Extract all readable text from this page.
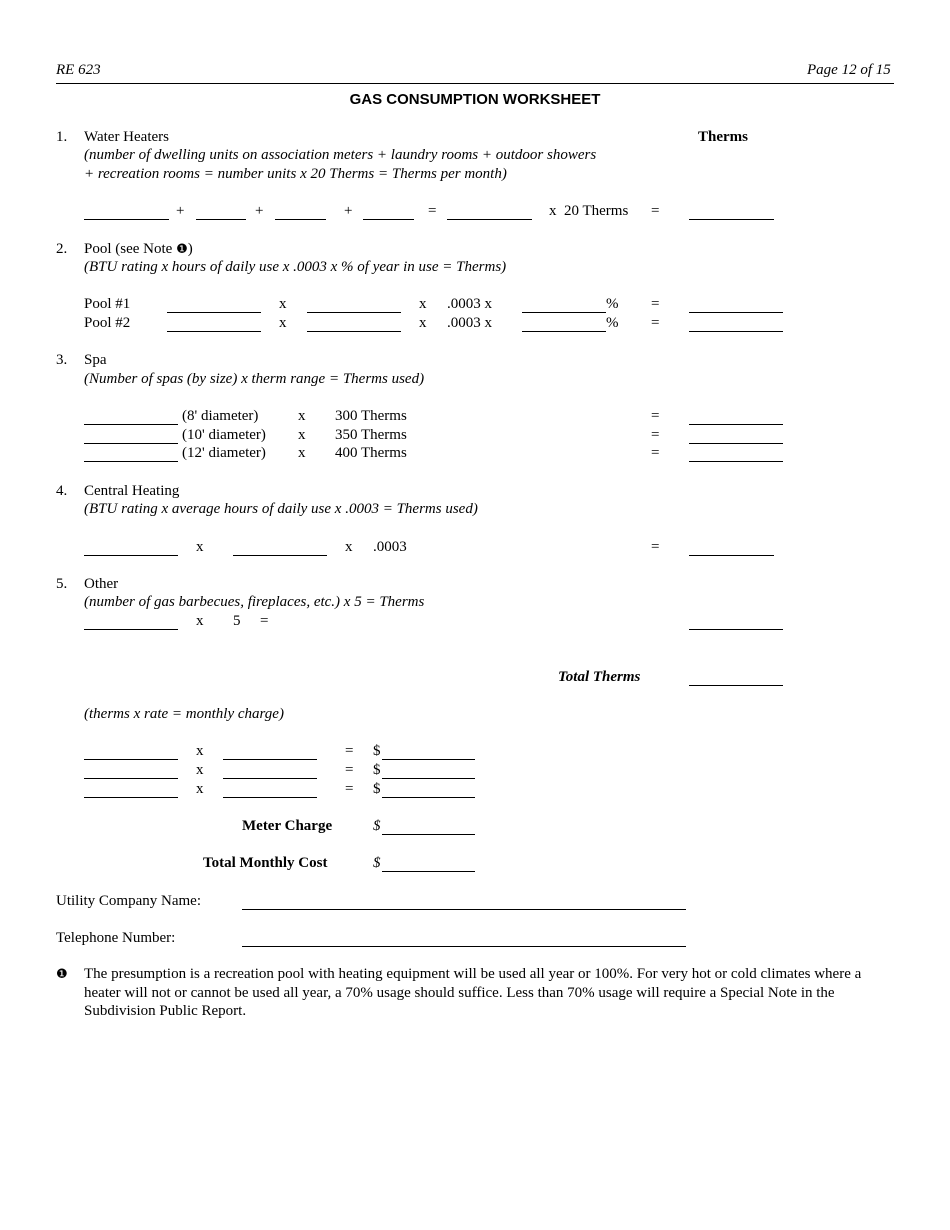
RE 623	Page 12 of 15
GAS CONSUMPTION WORKSHEET
1. Water Heaters	Therms
(number of dwelling units on association meters + laundry rooms + outdoor showers
+ recreation rooms = number units x 20 Therms = Therms per month)
+	+	+	=	x  20 Therms =
2. Pool (see Note ❶)
(BTU rating x hours of daily use x .0003 x % of year in use = Therms)
Pool #1	x	x .0003 x	% =
Pool #2	x	x .0003 x	% =
3. Spa
(Number of spas (by size) x therm range = Therms used)
(8' diameter)	x 300 Therms	=
(10' diameter) x 350 Therms	=
(12' diameter) x 400 Therms	=
4. Central Heating
(BTU rating x average hours of daily use x .0003 = Therms used)
x	x .0003	=
5. Other
(number of gas barbecues, fireplaces, etc.) x 5 = Therms
x 5 =
Total Therms
(therms x rate = monthly charge)
x	= $
x	= $
x	= $
Meter Charge	$
Total Monthly Cost	$
Utility Company Name:
Telephone Number:
❶ The presumption is a recreation pool with heating equipment will be used all year or 100%. For very hot or cold climates where a heater will not or cannot be used all year, a 70% usage should suffice. Less than 70% usage will require a Special Note in the Subdivision Public Report.
